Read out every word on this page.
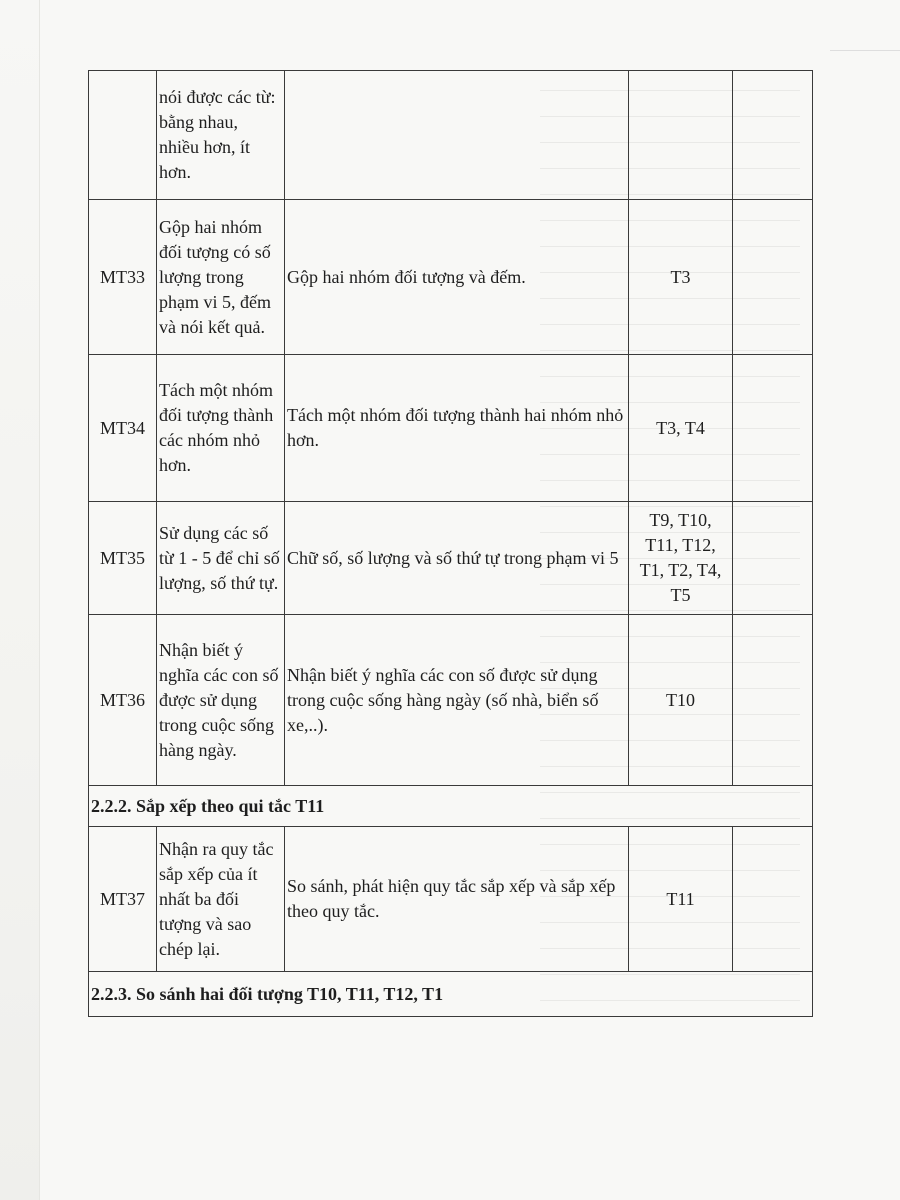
	nói được các từ: bằng nhau, nhiều hơn, ít hơn.			
MT33	Gộp hai nhóm đối tượng có số lượng trong phạm vi 5, đếm và nói kết quả.	Gộp hai nhóm đối tượng và đếm.	T3	
MT34	Tách một nhóm đối tượng thành các nhóm nhỏ hơn.	Tách một nhóm đối tượng thành hai nhóm nhỏ hơn.	T3, T4	
MT35	Sử dụng các số từ 1 - 5 để chỉ số lượng, số thứ tự.	Chữ số, số lượng và số thứ tự trong phạm vi 5	T9, T10, T11, T12, T1, T2, T4, T5	
MT36	Nhận biết ý nghĩa các con số được sử dụng trong cuộc sống hàng ngày.	Nhận biết ý nghĩa các con số được sử dụng trong cuộc sống hàng ngày (số nhà, biển số xe,..).	T10	
2.2.2. Sắp xếp theo qui tắc T11				
MT37	Nhận ra quy tắc sắp xếp của ít nhất ba đối tượng và sao chép lại.	So sánh, phát hiện quy tắc sắp xếp và sắp xếp theo quy tắc.	T11	
2.2.3. So sánh hai đối tượng T10, T11, T12, T1				
